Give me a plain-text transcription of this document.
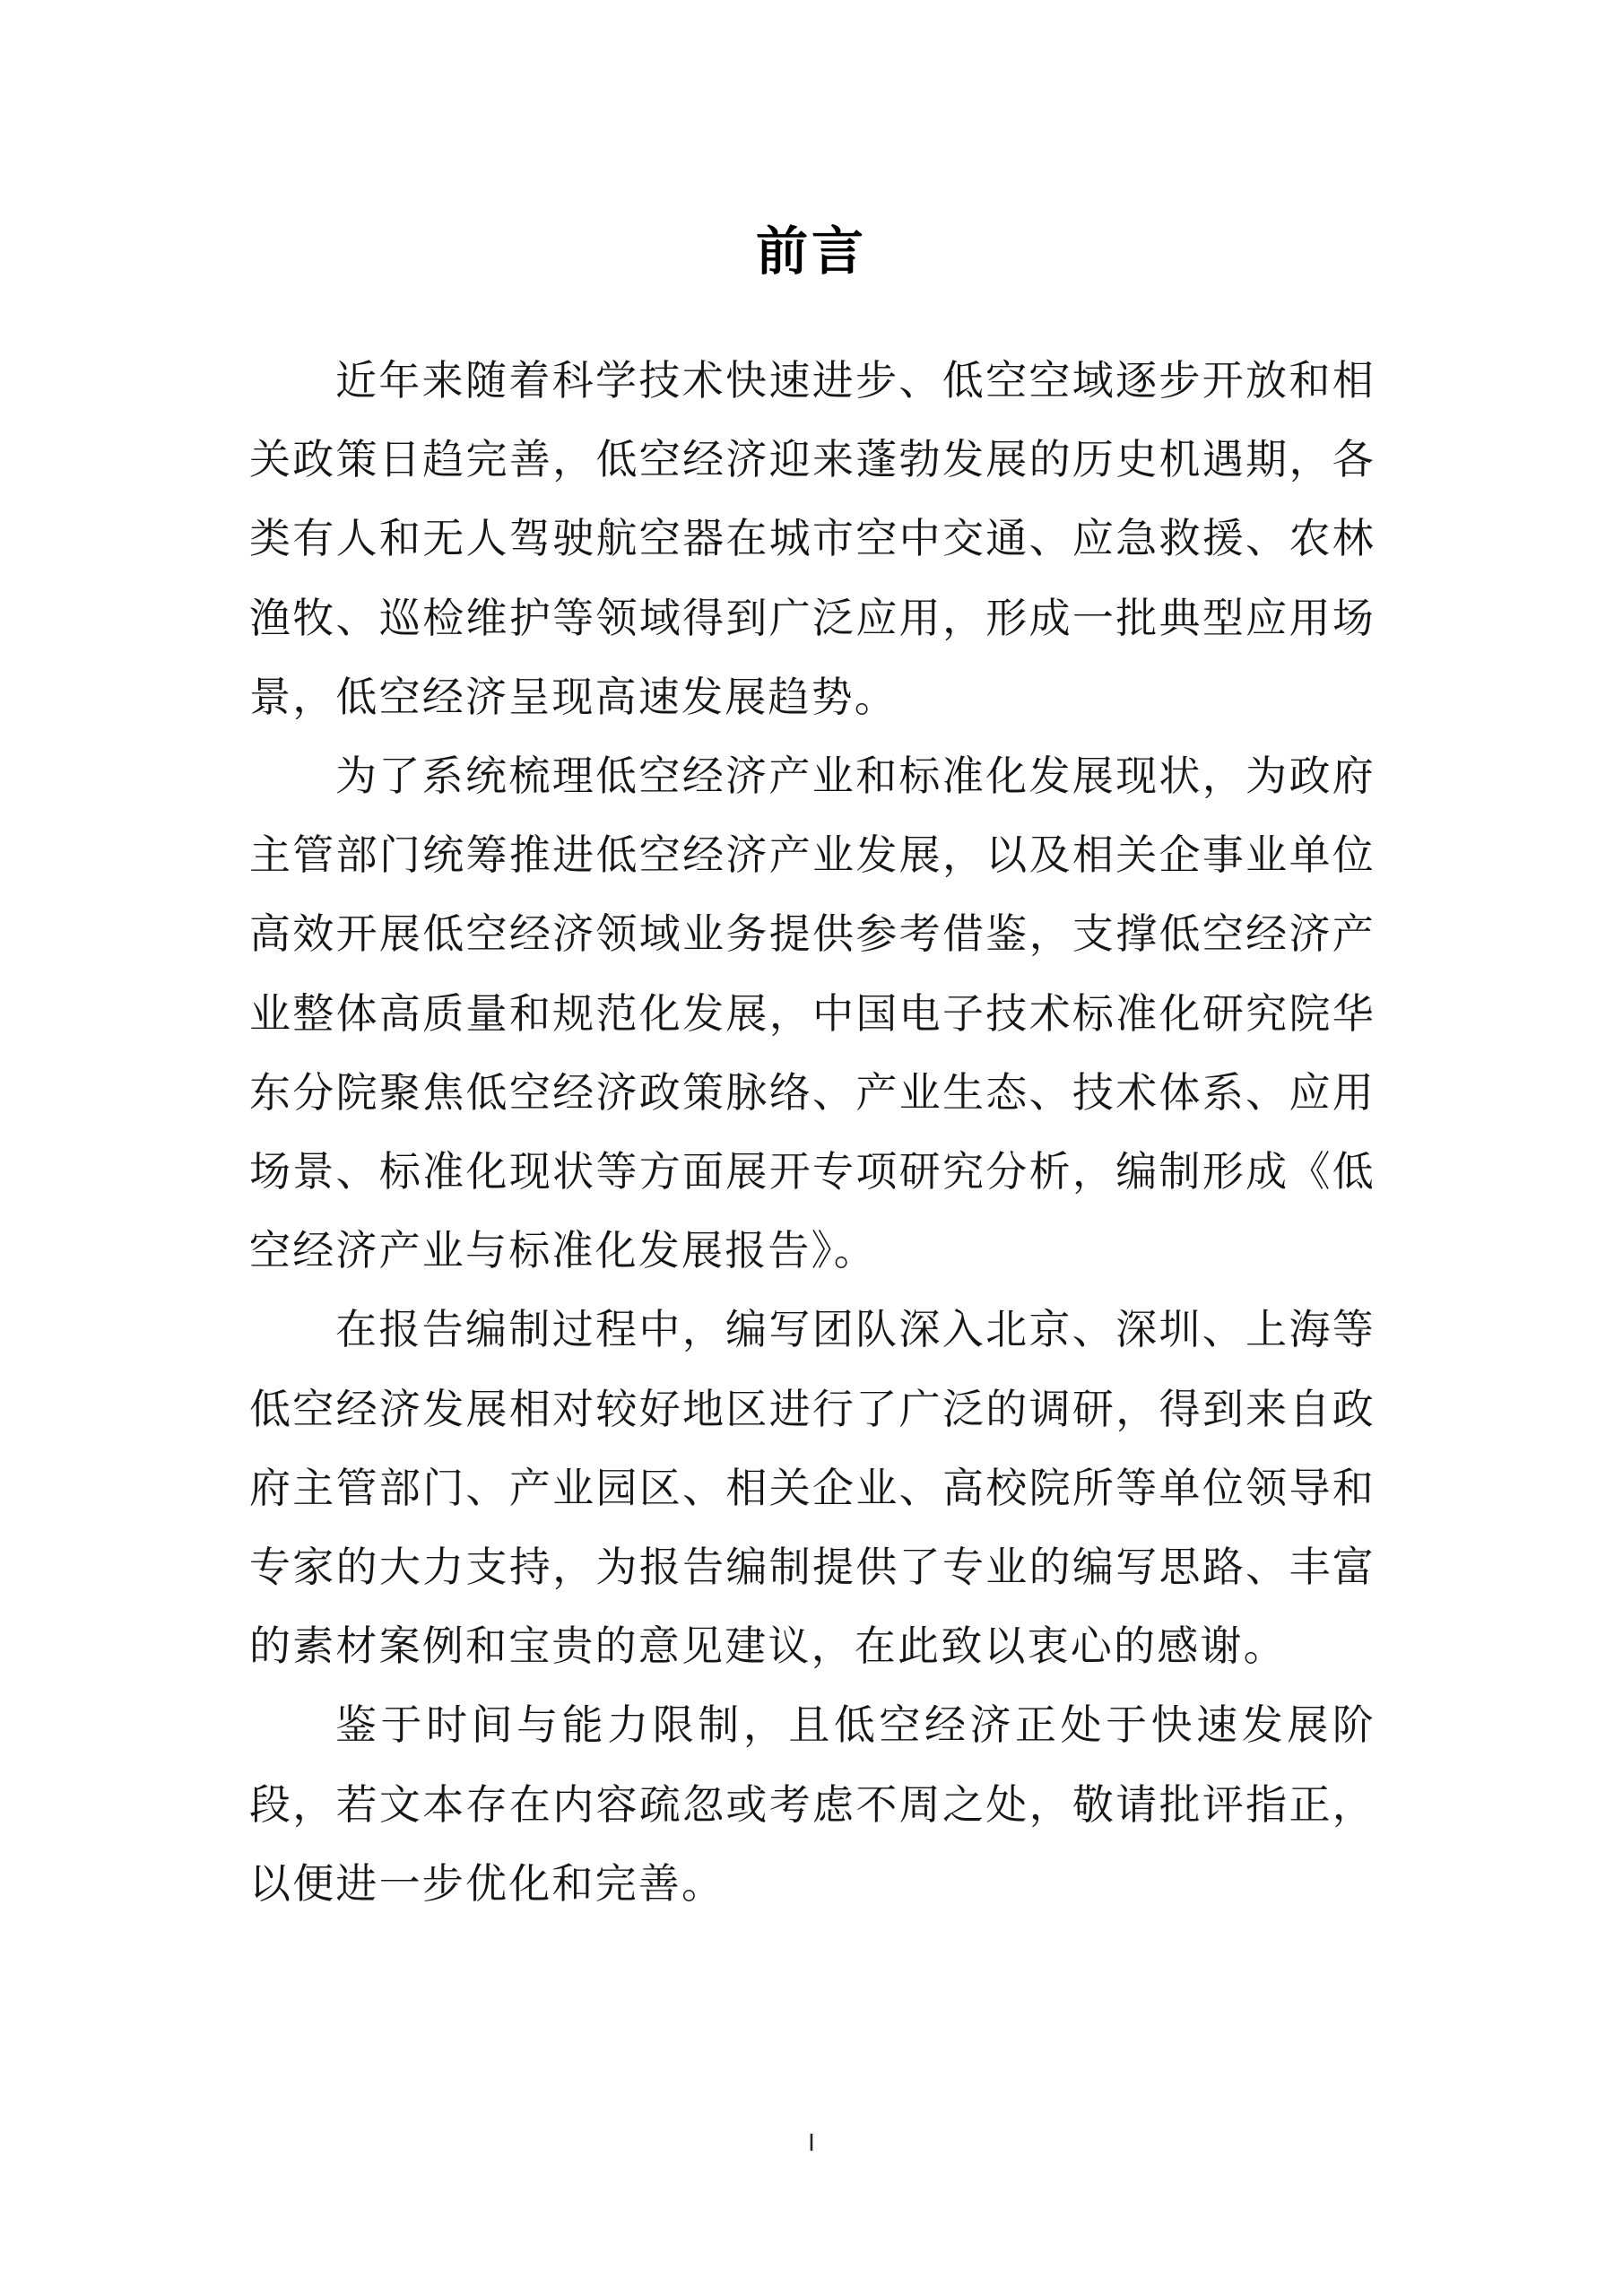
前言

近年来随着科学技术快速进步、低空空域逐步开放和相关政策日趋完善，低空经济迎来蓬勃发展的历史机遇期，各类有人和无人驾驶航空器在城市空中交通、应急救援、农林渔牧、巡检维护等领域得到广泛应用，形成一批典型应用场景，低空经济呈现高速发展趋势。

为了系统梳理低空经济产业和标准化发展现状，为政府主管部门统筹推进低空经济产业发展，以及相关企事业单位高效开展低空经济领域业务提供参考借鉴，支撑低空经济产业整体高质量和规范化发展，中国电子技术标准化研究院华东分院聚焦低空经济政策脉络、产业生态、技术体系、应用场景、标准化现状等方面展开专项研究分析，编制形成《低空经济产业与标准化发展报告》。

在报告编制过程中，编写团队深入北京、深圳、上海等低空经济发展相对较好地区进行了广泛的调研，得到来自政府主管部门、产业园区、相关企业、高校院所等单位领导和专家的大力支持，为报告编制提供了专业的编写思路、丰富的素材案例和宝贵的意见建议，在此致以衷心的感谢。

鉴于时间与能力限制，且低空经济正处于快速发展阶段，若文本存在内容疏忽或考虑不周之处，敬请批评指正，以便进一步优化和完善。

I
